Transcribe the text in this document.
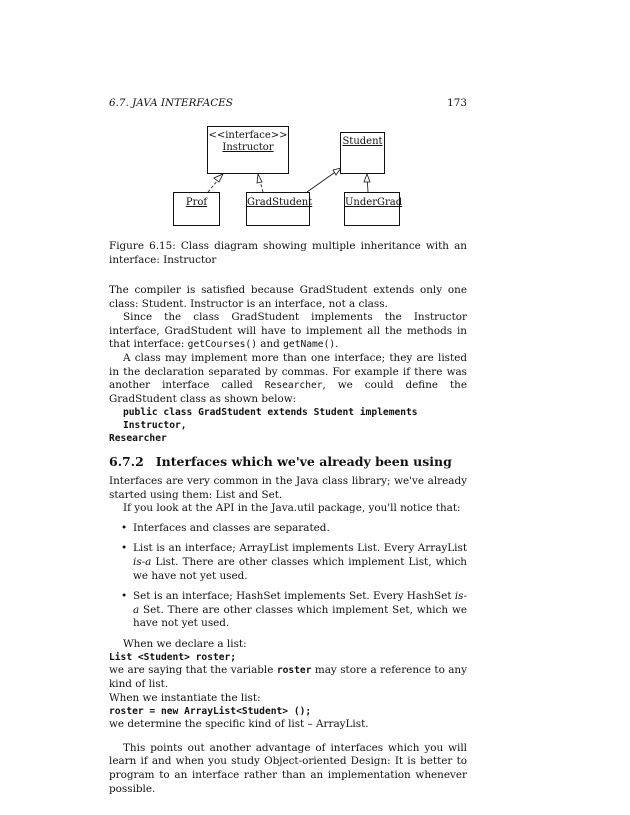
6.7. JAVA INTERFACES	173
<<interface>>
Instructor
Student
Prof	GradStudent	UnderGrad

Figure 6.15: Class diagram showing multiple inheritance with an interface: Instructor

The compiler is satisfied because GradStudent extends only one class: Student. Instructor is an interface, not a class.

Since the class GradStudent implements the Instructor interface, GradStudent will have to implement all the methods in that interface: getCourses() and getName().

A class may implement more than one interface; they are listed in the declaration separated by commas. For example if there was another interface called Researcher, we could define the GradStudent class as shown below:

public class GradStudent extends Student implements Instructor,
Researcher
6.7.2 Interfaces which we've already been using

Interfaces are very common in the Java class library; we've already started using them: List and Set.

If you look at the API in the Java.util package, you'll notice that:

• Interfaces and classes are separated.
• List is an interface; ArrayList implements List. Every ArrayList is-a List. There are other classes which implement List, which we have not yet used.
• Set is an interface; HashSet implements Set. Every HashSet is-a Set. There are other classes which implement Set, which we have not yet used.

When we declare a list:

List <Student> roster;

we are saying that the variable roster may store a reference to any kind of list.

When we instantiate the list:

roster = new ArrayList<Student> ();

we determine the specific kind of list – ArrayList.

This points out another advantage of interfaces which you will learn if and when you study Object-oriented Design: It is better to program to an interface rather than an implementation whenever possible.
